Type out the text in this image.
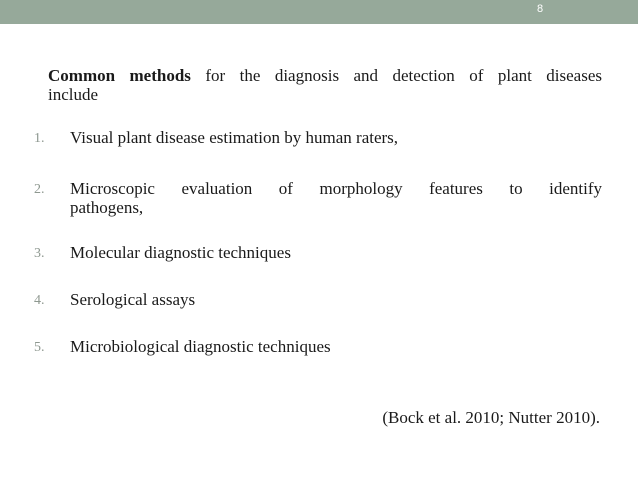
8
Common methods for the diagnosis and detection of plant diseases
include
1. Visual plant disease estimation by human raters,
2. Microscopic evaluation of morphology features to identify
pathogens,
3. Molecular diagnostic techniques
4. Serological assays
5. Microbiological diagnostic techniques
(Bock et al. 2010; Nutter 2010).
